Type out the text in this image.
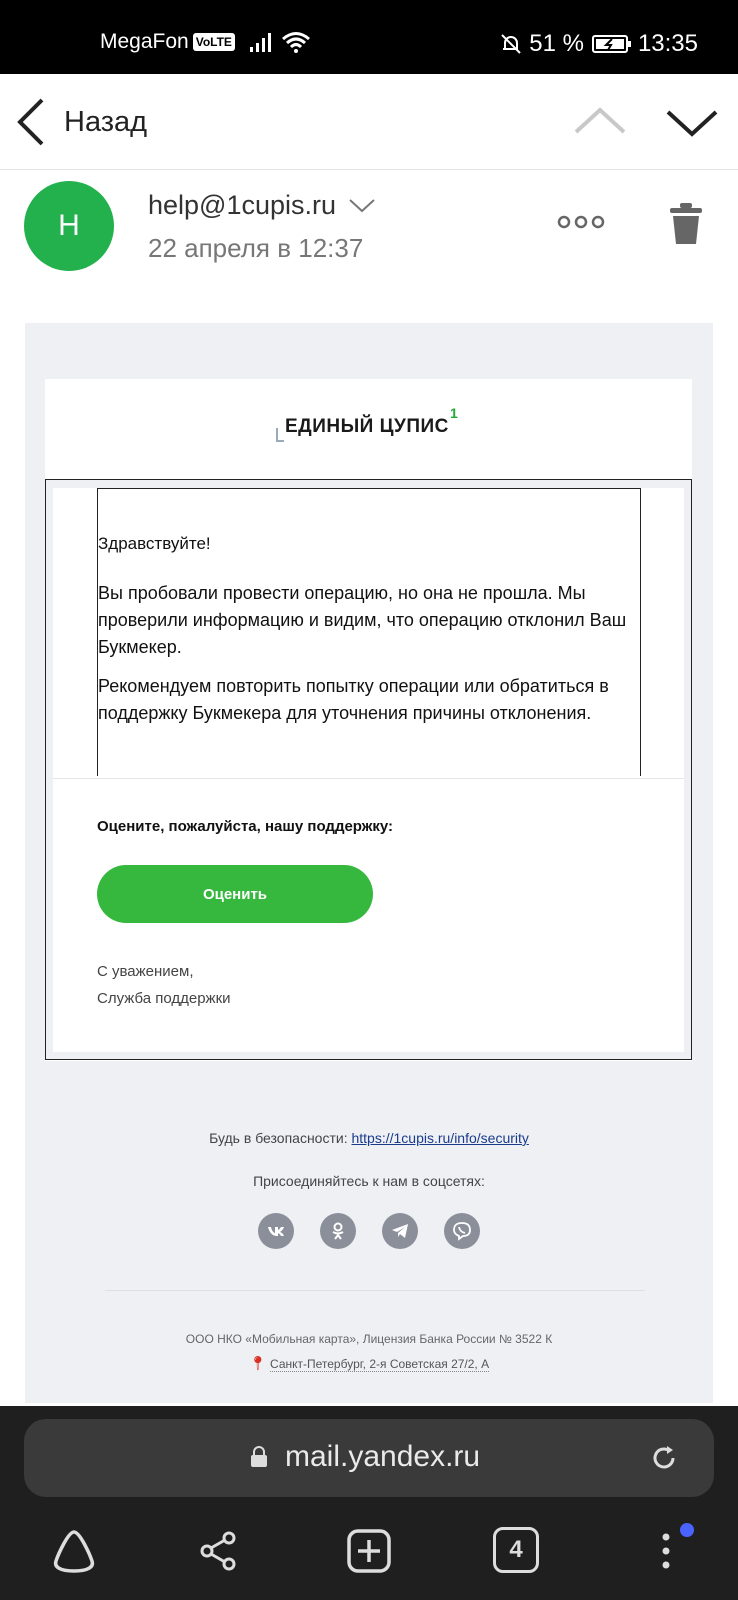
MegaFon VoLTE	51 % 13:35
Назад
H
help@1cupis.ru
22 апреля в 12:37
ЕДИНЫЙ ЦУПИС
1

Здравствуйте!

Вы пробовали провести операцию, но она не прошла. Мы проверили информацию и видим, что операцию отклонил Ваш Букмекер.

Рекомендуем повторить попытку операции или обратиться в поддержку Букмекера для уточнения причины отклонения.

Оцените, пожалуйста, нашу поддержку:

Оценить
С уважением,
Служба поддержки
Будь в безопасности: https://1cupis.ru/info/security
Присоединяйтесь к нам в соцсетях:
ООО НКО «Мобильная карта», Лицензия Банка России № 3522 К
📍︎ Санкт-Петербург, 2-я Советская 27/2, А
mail.yandex.ru
4
